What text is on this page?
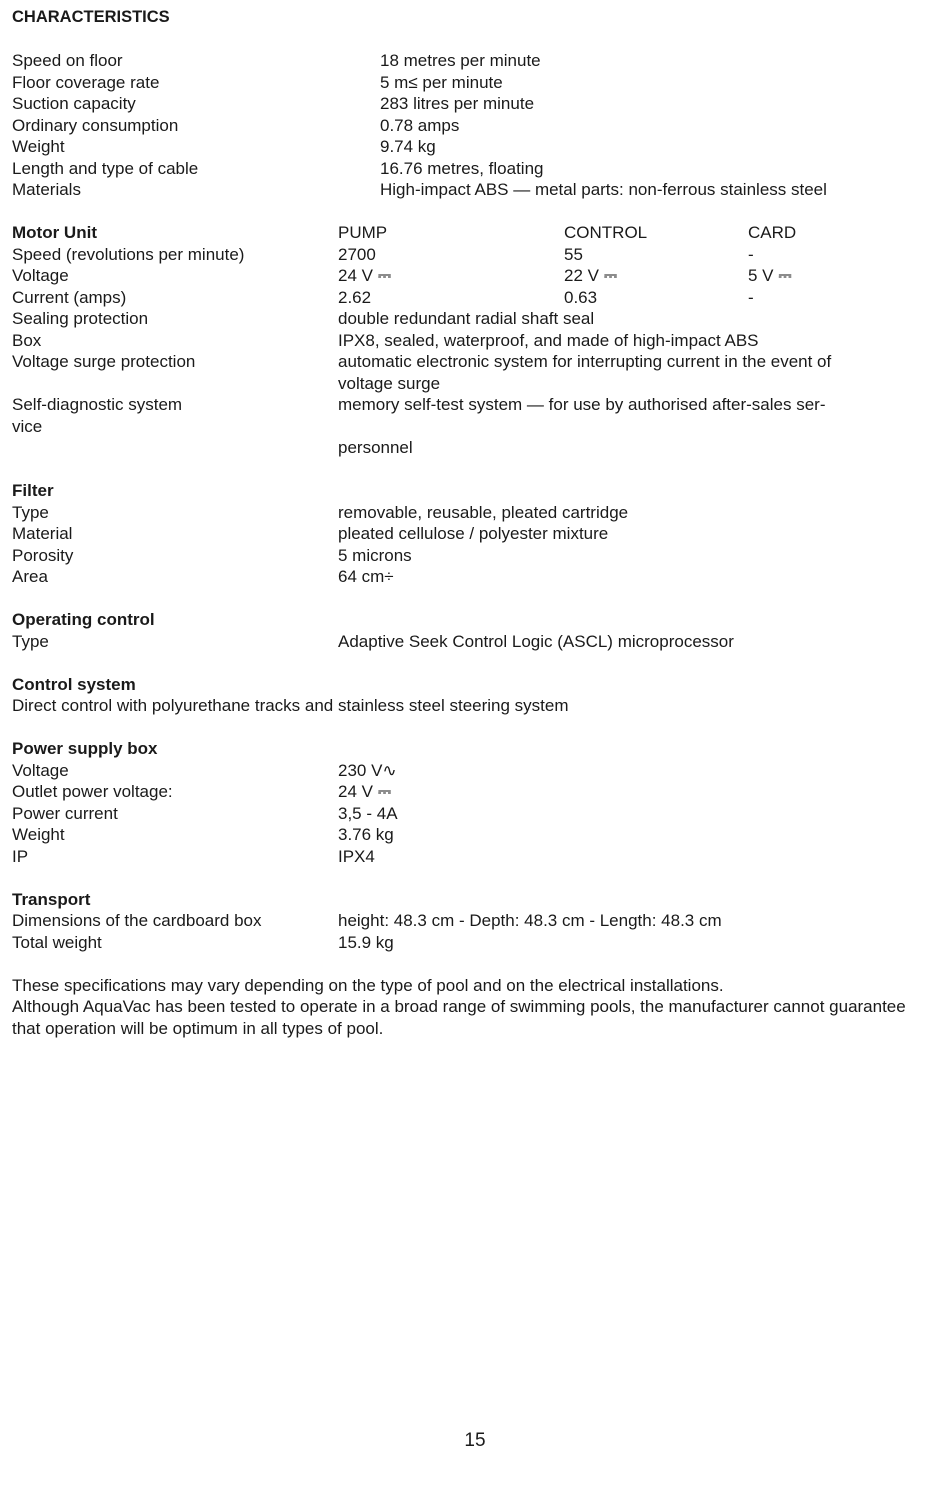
CHARACTERISTICS
Speed on floor	18 metres per minute
Floor coverage rate	5 m≤ per minute
Suction capacity	283 litres per minute
Ordinary consumption	0.78 amps
Weight	9.74 kg
Length and type of cable	16.76 metres, floating
Materials	High-impact ABS — metal parts: non-ferrous stainless steel
Motor Unit	PUMP	CONTROL	CARD
Speed (revolutions per minute)	2700	55	-
Voltage	24 V ⎓	22 V ⎓	5 V ⎓
Current (amps)	2.62	0.63	-
Sealing protection	double redundant radial shaft seal
Box	IPX8, sealed, waterproof, and made of high-impact ABS
Voltage surge protection	automatic electronic system for interrupting current in the event of
voltage surge
Self-diagnostic system	memory self-test system — for use by authorised after-sales ser-
vice
personnel
Filter
Type	removable, reusable, pleated cartridge
Material	pleated cellulose / polyester mixture
Porosity	5 microns
Area	64 cm÷
Operating control
Type	Adaptive Seek Control Logic (ASCL) microprocessor
Control system
Direct control with polyurethane tracks and stainless steel steering system
Power supply box
Voltage	230 V∿
Outlet power voltage:	24 V ⎓
Power current	3,5 - 4A
Weight	3.76 kg
IP	IPX4
Transport
Dimensions of the cardboard box	height: 48.3 cm - Depth: 48.3 cm - Length: 48.3 cm
Total weight	15.9 kg
These specifications may vary depending on the type of pool and on the electrical installations.
Although AquaVac has been tested to operate in a broad range of swimming pools, the manufacturer cannot guarantee that operation will be optimum in all types of pool.
15
